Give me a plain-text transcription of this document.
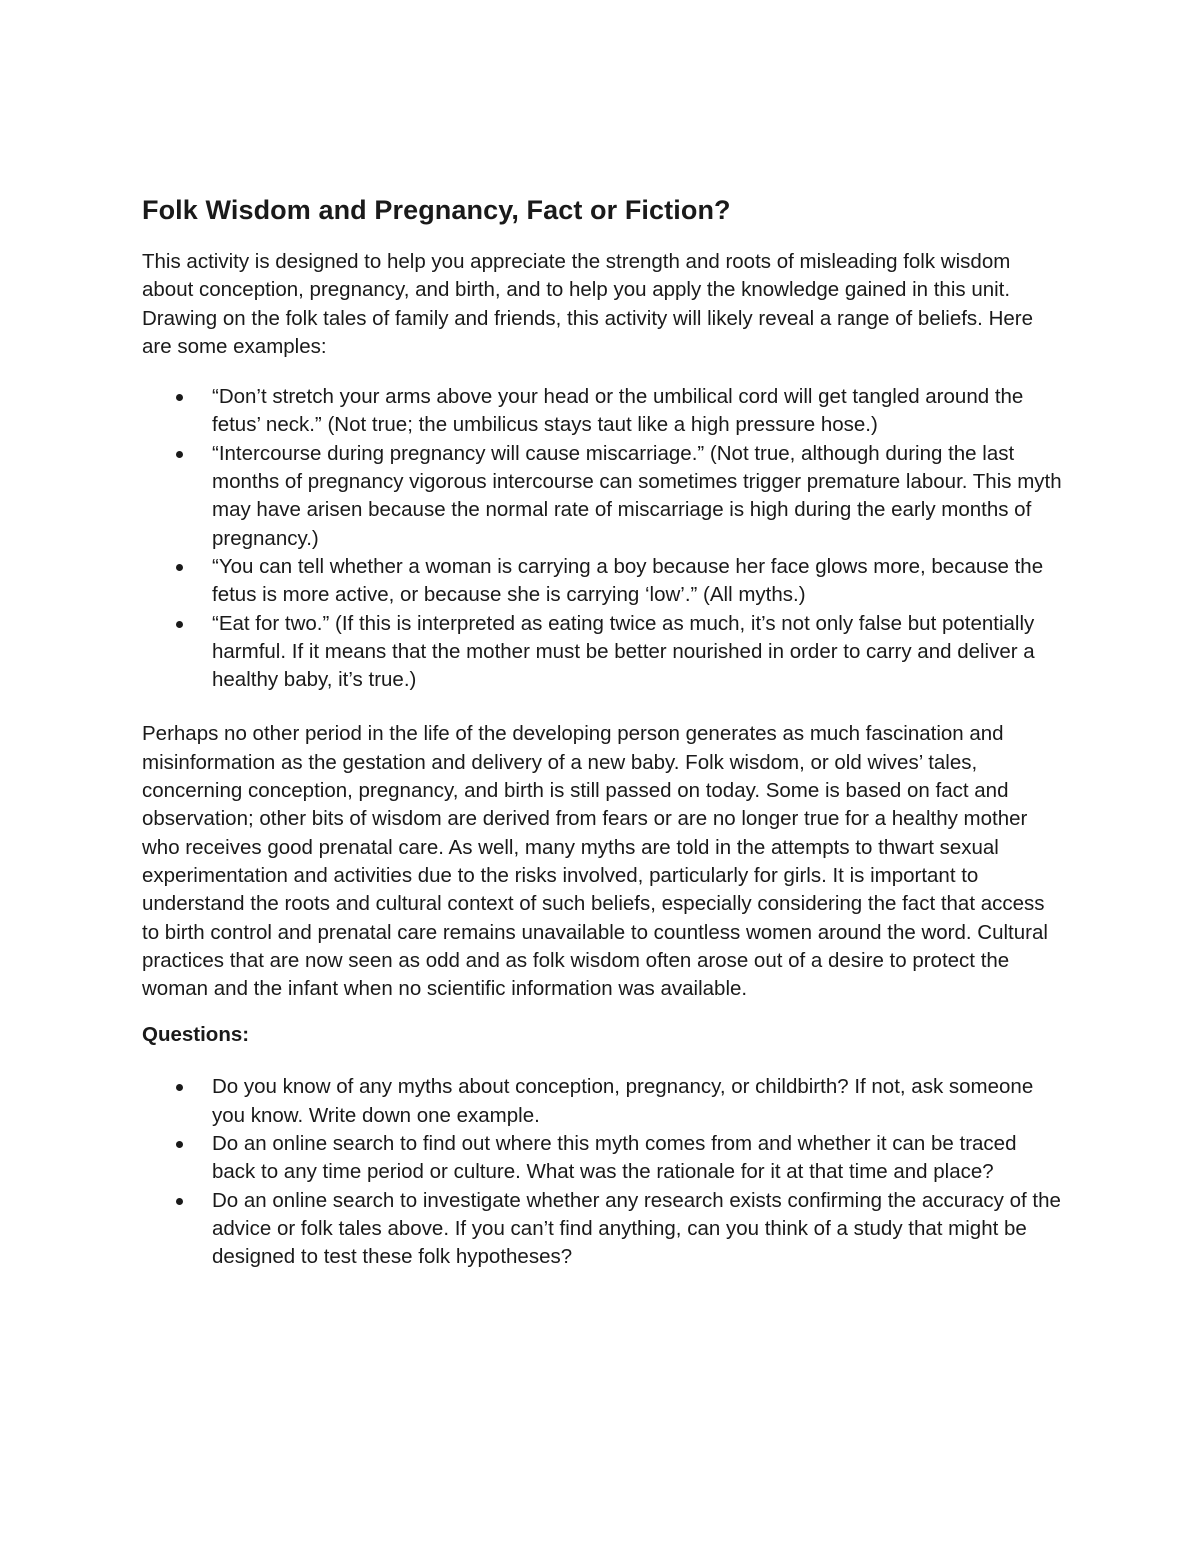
Folk Wisdom and Pregnancy, Fact or Fiction?

This activity is designed to help you appreciate the strength and roots of misleading folk wisdom about conception, pregnancy, and birth, and to help you apply the knowledge gained in this unit. Drawing on the folk tales of family and friends, this activity will likely reveal a range of beliefs. Here are some examples:

“Don’t stretch your arms above your head or the umbilical cord will get tangled around the fetus’ neck.” (Not true; the umbilicus stays taut like a high pressure hose.)
“Intercourse during pregnancy will cause miscarriage.” (Not true, although during the last months of pregnancy vigorous intercourse can sometimes trigger premature labour. This myth may have arisen because the normal rate of miscarriage is high during the early months of pregnancy.)
“You can tell whether a woman is carrying a boy because her face glows more, because the fetus is more active, or because she is carrying ‘low’.” (All myths.)
“Eat for two.” (If this is interpreted as eating twice as much, it’s not only false but potentially harmful. If it means that the mother must be better nourished in order to carry and deliver a healthy baby, it’s true.)

Perhaps no other period in the life of the developing person generates as much fascination and misinformation as the gestation and delivery of a new baby. Folk wisdom, or old wives’ tales, concerning conception, pregnancy, and birth is still passed on today. Some is based on fact and observation; other bits of wisdom are derived from fears or are no longer true for a healthy mother who receives good prenatal care. As well, many myths are told in the attempts to thwart sexual experimentation and activities due to the risks involved, particularly for girls. It is important to understand the roots and cultural context of such beliefs, especially considering the fact that access to birth control and prenatal care remains unavailable to countless women around the word. Cultural practices that are now seen as odd and as folk wisdom often arose out of a desire to protect the woman and the infant when no scientific information was available.

Questions:

Do you know of any myths about conception, pregnancy, or childbirth? If not, ask someone you know. Write down one example.
Do an online search to find out where this myth comes from and whether it can be traced back to any time period or culture. What was the rationale for it at that time and place?
Do an online search to investigate whether any research exists confirming the accuracy of the advice or folk tales above. If you can’t find anything, can you think of a study that might be designed to test these folk hypotheses?
